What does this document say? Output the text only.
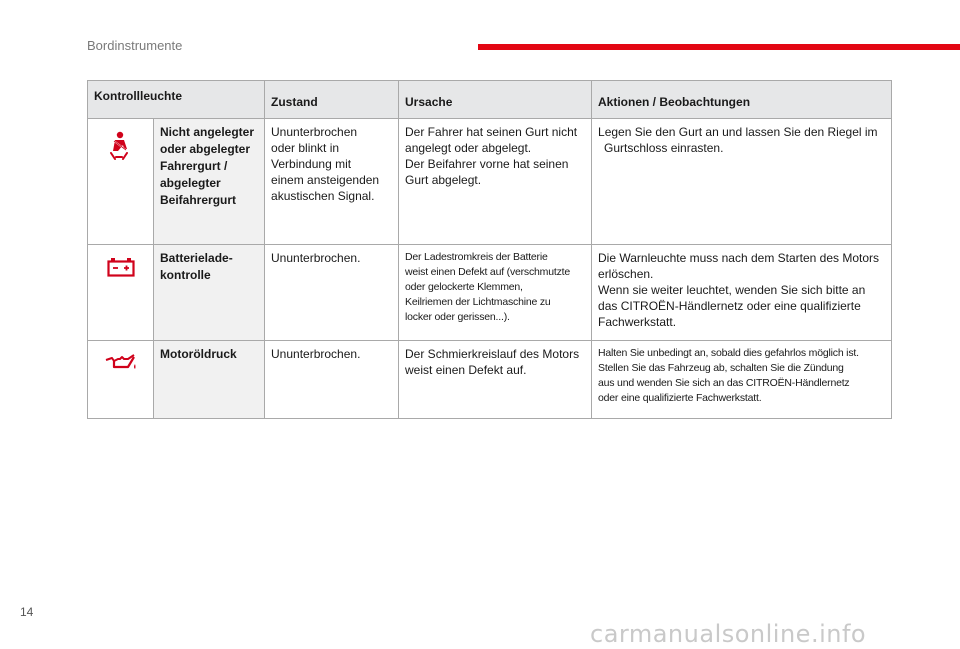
Bordinstrumente
Kontrollleuchte		Zustand	Ursache	Aktionen / Beobachtungen

Nicht angelegter
oder abgelegter
Fahrergurt /
abgelegter
Beifahrergurt	Ununterbrochen
oder blinkt in
Verbindung mit
einem ansteigenden
akustischen Signal.	Der Fahrer hat seinen Gurt nicht
angelegt oder abgelegt.
Der Beifahrer vorne hat seinen
Gurt abgelegt.	Legen Sie den Gurt an und lassen Sie den Riegel im
Gurtschloss einrasten.

Batterielade-
kontrolle	Ununterbrochen.	Der Ladestromkreis der Batterie
weist einen Defekt auf (verschmutzte
oder gelockerte Klemmen,
Keilriemen der Lichtmaschine zu
locker oder gerissen...).	Die Warnleuchte muss nach dem Starten des Motors
erlöschen.
Wenn sie weiter leuchtet, wenden Sie sich bitte an
das CITROËN-Händlernetz oder eine qualifizierte
Fachwerkstatt.

Motoröldruck	Ununterbrochen.	Der Schmierkreislauf des Motors
weist einen Defekt auf.	Halten Sie unbedingt an, sobald dies gefahrlos möglich ist.
Stellen Sie das Fahrzeug ab, schalten Sie die Zündung
aus und wenden Sie sich an das CITROËN-Händlernetz
oder eine qualifizierte Fachwerkstatt.
14
carmanualsonline.info
